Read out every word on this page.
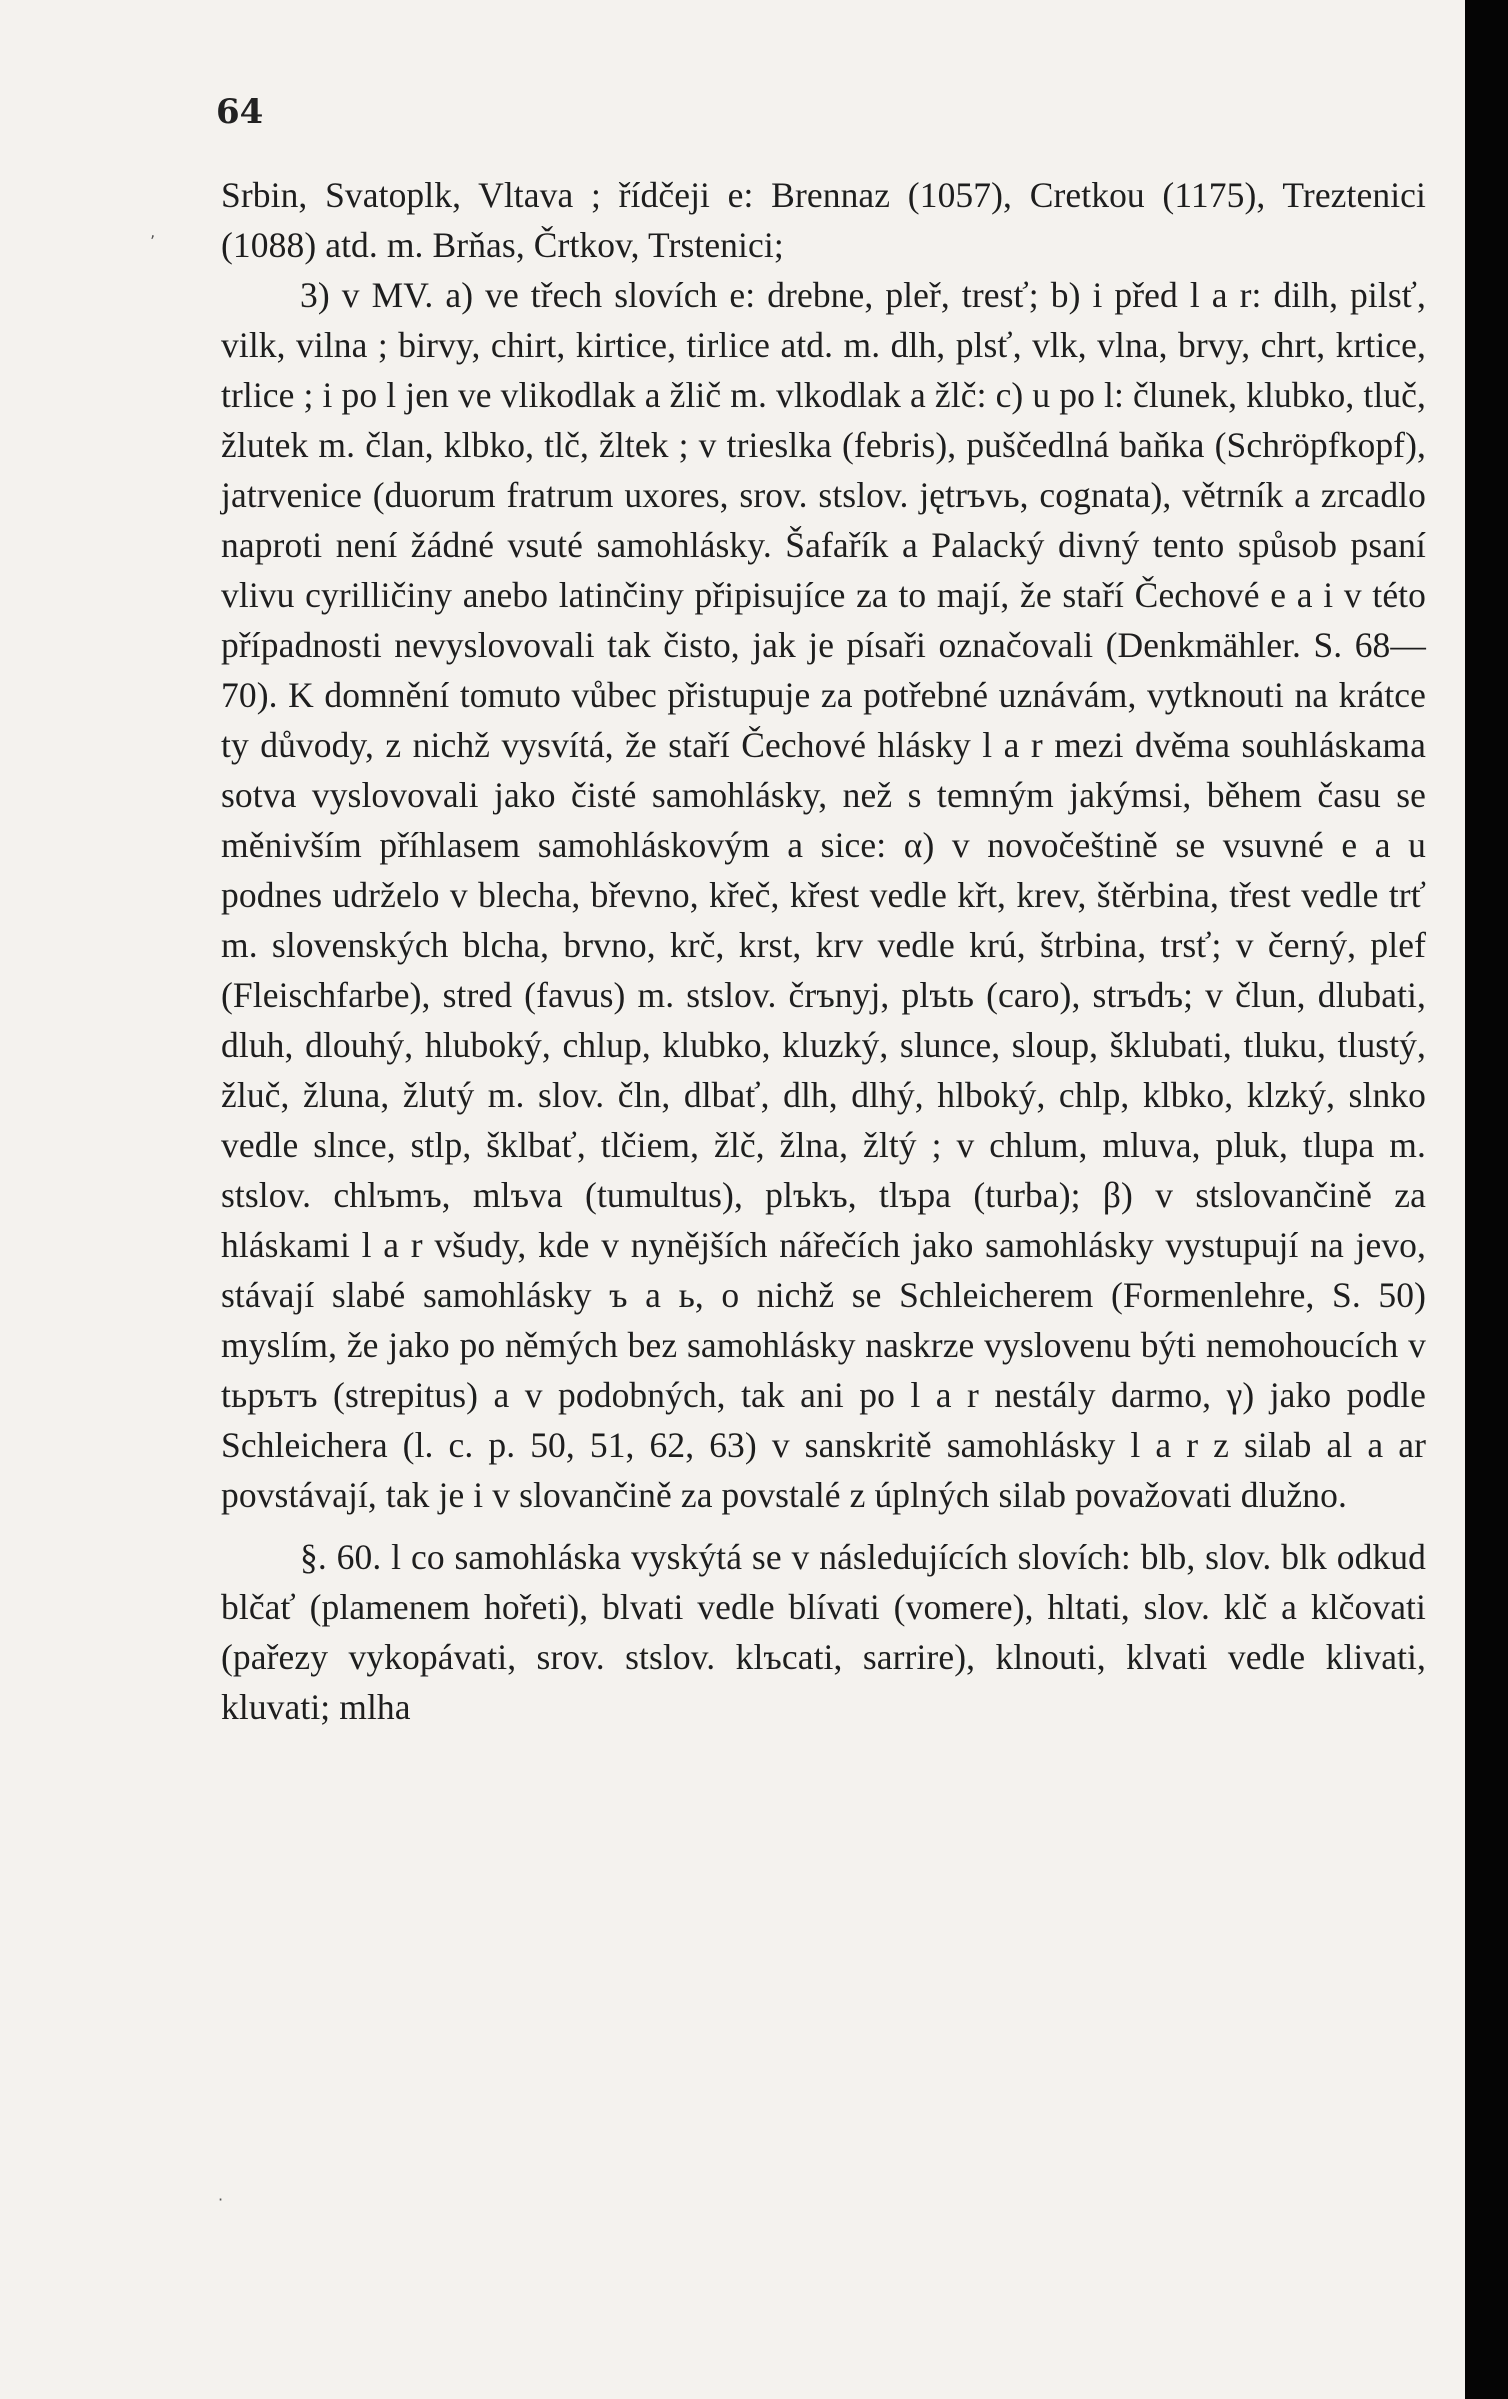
64

Srbin, Svatoplk, Vltava ; řídčeji e: Brennaz (1057), Cretkou (1175), Treztenici (1088) atd. m. Brňas, Črtkov, Trstenici;

3) v MV. a) ve třech slovích e: drebne, pleř, tresť; b) i před l a r: dilh, pilsť, vilk, vilna ; birvy, chirt, kirtice, tirlice atd. m. dlh, plsť, vlk, vlna, brvy, chrt, krtice, trlice ; i po l jen ve vlikodlak a žlič m. vlkodlak a žlč: c) u po l: člunek, klubko, tluč, žlutek m. član, klbko, tlč, žltek ; v trieslka (febris), puščedlná baňka (Schröpfkopf), jatrvenice (duorum fratrum uxores, srov. stslov. jętrъvь, cognata), větrník a zrcadlo naproti není žádné vsuté samohlásky. Šafařík a Palacký divný tento spůsob psaní vlivu cyrilličiny anebo latinčiny připisujíce za to mají, že staří Čechové e a i v této případnosti nevyslovovali tak čisto, jak je písaři označovali (Denkmähler. S. 68—70). K domnění tomuto vůbec přistupuje za potřebné uznávám, vytknouti na krátce ty důvody, z nichž vysvítá, že staří Čechové hlásky l a r mezi dvěma souhláskama sotva vyslovovali jako čisté samohlásky, než s temným jakýmsi, během času se měnivším příhlasem samohláskovým a sice: α) v novočeštině se vsuvné e a u podnes udrželo v blecha, břevno, křeč, křest vedle křt, krev, štěrbina, třest vedle trť m. slovenských blcha, brvno, krč, krst, krv vedle krú, štrbina, trsť; v černý, plef (Fleischfarbe), stred (favus) m. stslov. črъnyj, plъtь (caro), strъdъ; v člun, dlubati, dluh, dlouhý, hluboký, chlup, klubko, kluzký, slunce, sloup, šklubati, tluku, tlustý, žluč, žluna, žlutý m. slov. čln, dlbať, dlh, dlhý, hlboký, chlp, klbko, klzký, slnko vedle slnce, stlp, šklbať, tlčiem, žlč, žlna, žltý ; v chlum, mluva, pluk, tlupa m. stslov. chlъmъ, mlъva (tumultus), plъkъ, tlъpa (turba); β) v stslovančině za hláskami l a r všudy, kde v nynějších nářečích jako samohlásky vystupují na jevo, stávají slabé samohlásky ъ a ь, o nichž se Schleicherem (Formenlehre, S. 50) myslím, že jako po němých bez samohlásky naskrze vyslovenu býti nemohoucích v tьрътъ (strepitus) a v podobných, tak ani po l a r nestály darmo, γ) jako podle Schleichera (l. c. p. 50, 51, 62, 63) v sanskritě samohlásky l a r z silab al a ar povstávají, tak je i v slovančině za povstalé z úplných silab považovati dlužno.

§. 60. l co samohláska vyskýtá se v následujících slovích: blb, slov. blk odkud blčať (plamenem hořeti), blvati vedle blívati (vomere), hltati, slov. klč a klčovati (pařezy vykopávati, srov. stslov. klъcati, sarrire), klnouti, klvati vedle klivati, kluvati; mlha

ʼ
·
